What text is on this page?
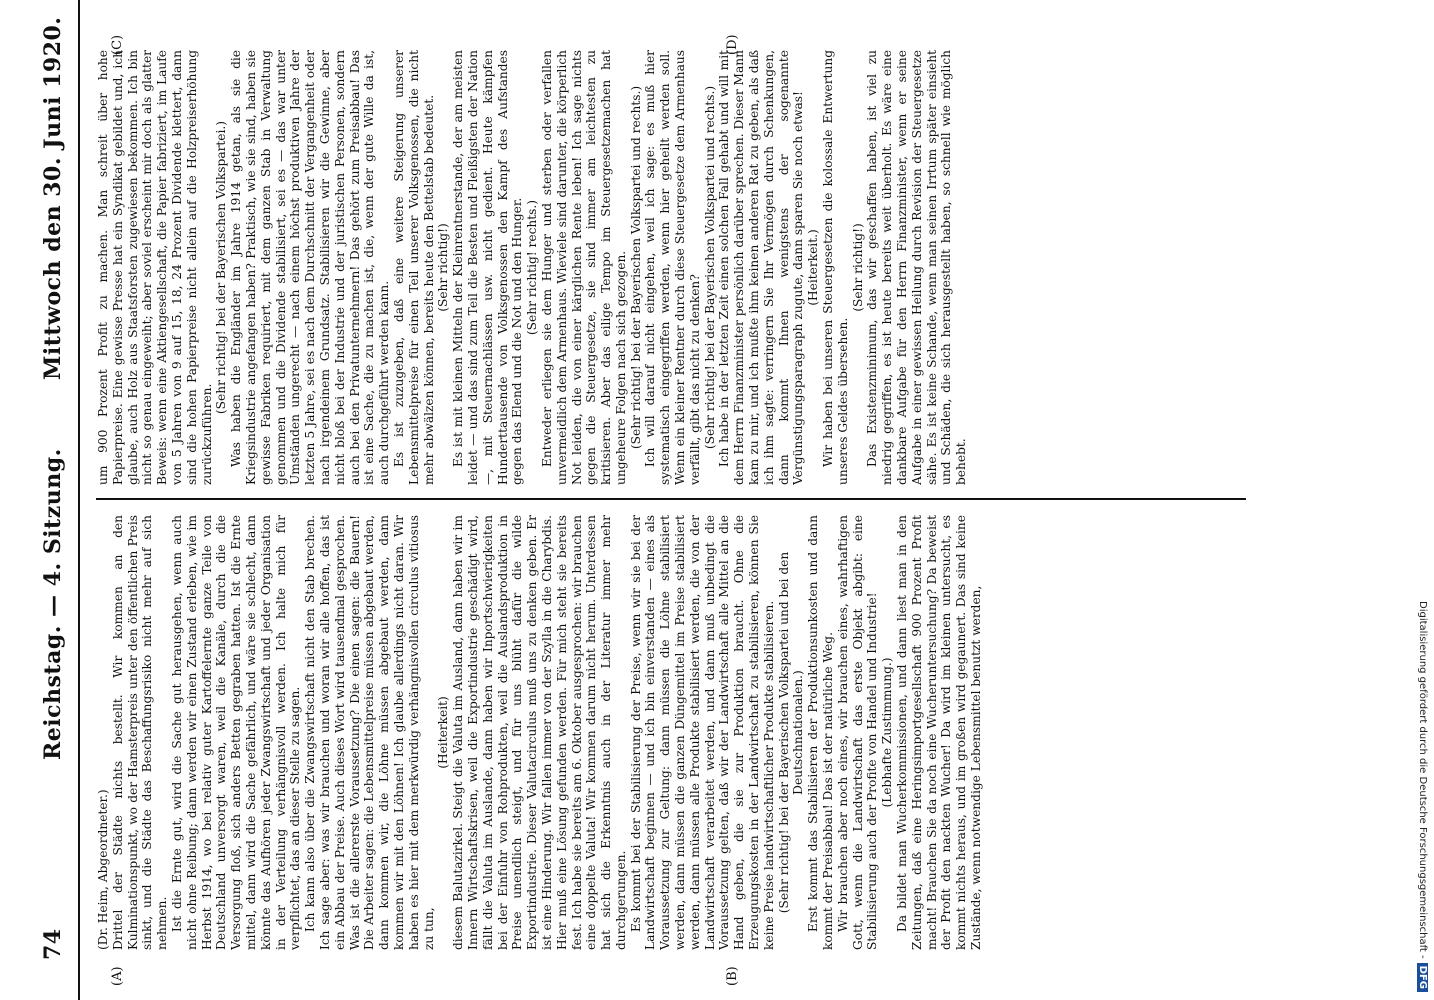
74
Reichstag. — 4. Sitzung.
Mittwoch den 30. Juni 1920.
(A)	(B)
(C)	(D)

(Dr. Heim, Abgeordneter.) Drittel der Städte nichts bestellt. Wir kommen an den Kulminationspunkt, wo der Hamsterpreis unter den öffentlichen Preis sinkt, und die Städte das Beschaffungsrisiko nicht mehr auf sich nehmen. Ist die Ernte gut, wird die Sache gut herausgehen, wenn auch nicht ohne Reibung; dann werden wir einen Zustand erleben, wie im Herbst 1914, wo bei relativ guter Kartoffelernte ganze Teile von Deutschland unversorgt waren, weil die Kanäle, durch die die Versorgung floß, sich anders Betten gegraben hatten. Ist die Ernte mittel, dann wird die Sache gefährlich, und wäre sie schlecht, dann könnte das Aufhören jeder Zwangswirtschaft und jeder Organisation in der Verteilung verhängnisvoll werden. Ich halte mich für verpflichtet, das an dieser Stelle zu sagen. Ich kann also über die Zwangswirtschaft nicht den Stab brechen. Ich sage aber: was wir brauchen und woran wir alle hoffen, das ist ein Abbau der Preise. Auch dieses Wort wird tausendmal gesprochen. Was ist die allererste Voraussetzung? Die einen sagen: die Bauern! Die Arbeiter sagen: die Lebensmittelpreise müssen abgebaut werden, dann kommen wir, die Löhne müssen abgebaut werden, dann kommen wir mit den Löhnen! Ich glaube allerdings nicht daran. Wir haben es hier mit dem merkwürdig verhängnisvollen circulus vitiosus zu tun,

(Heiterkeit) diesem Balutazirkel. Steigt die Valuta im Ausland, dann haben wir im Innern Wirtschaftskrisen, weil die Exportindustrie geschädigt wird, fällt die Valuta im Auslande, dann haben wir Inportschwierigkeiten bei der Einfuhr von Rohprodukten, weil die Auslandsproduktion in Preise unendlich steigt, und für uns blüht dafür die wilde Exportindustrie. Dieser Valutacirculus muß uns zu denken geben. Er ist eine Hinderung. Wir fallen immer von der Szylla in die Charybdis. Hier muß eine Lösung gefunden werden. Für mich steht sie bereits fest. Ich habe sie bereits am 6. Oktober ausgesprochen: wir brauchen eine doppelte Valuta! Wir kommen darum nicht herum. Unterdessen hat sich die Erkenntnis auch in der Literatur immer mehr durchgerungen. Es kommt bei der Stabilisierung der Preise, wenn wir sie bei der Landwirtschaft beginnen — und ich bin einverstanden — eines als Voraussetzung zur Geltung: dann müssen die Löhne stabilisiert werden, dann müssen die ganzen Düngemittel im Preise stabilisiert werden, dann müssen alle Produkte stabilisiert werden, die von der Landwirtschaft verarbeitet werden, und dann muß unbedingt die Voraussetzung gelten, daß wir der Landwirtschaft alle Mittel an die Hand geben, die sie zur Produktion braucht. Ohne die Erzeugungskosten in der Landwirtschaft zu stabilisieren, können Sie keine Preise landwirtschaftlicher Produkte stabilisieren. (Sehr richtig! bei der Bayerischen Volkspartei und bei den Deutschnationalen.) Erst kommt das Stabilisieren der Produktionsunkosten und dann kommt der Preisabbau! Das ist der natürliche Weg. Wir brauchen aber noch eines, wir brauchen eines, wahrhaftigen Gott, wenn die Landwirtschaft das erste Objekt abgibt: eine Stabilisierung auch der Profite von Handel und Industrie! (Lebhafte Zustimmung.) Da bildet man Wucherkommissionen, und dann liest man in den Zeitungen, daß eine Heringsimportgesellschaft 900 Prozent Profit macht! Brauchen Sie da noch eine Wucheruntersuchung? Da beweist der Profit den nackten Wucher! Da wird im kleinen untersucht, es kommt nichts heraus, und im großen wird gegaunert. Das sind keine Zustände, wenn notwendige Lebensmittel benutzt werden,

um 900 Prozent Profit zu machen. Man schreit über hohe Papierpreise. Eine gewisse Presse hat ein Syndikat gebildet und, ich glaube, auch Holz aus Staatsforsten zugewiesen bekommen. Ich bin nicht so genau eingeweiht; aber soviel erscheint mir doch als glatter Beweis: wenn eine Aktiengesellschaft, die Papier fabriziert, im Laufe von 5 Jahren von 9 auf 15, 18, 24 Prozent Dividende klettert, dann sind die hohen Papierpreise nicht allein auf die Holzpreiserhöhung zurückzuführen.

(Sehr richtig! bei der Bayerischen Volkspartei.) Was haben die Engländer im Jahre 1914 getan, als sie die Kriegsindustrie angefangen haben? Praktisch, wie sie sind, haben sie gewisse Fabriken requiriert, mit dem ganzen Stab in Verwaltung genommen und die Dividende stabilisiert, sei es — das war unter Umständen ungerecht — nach einem höchst produktiven Jahre der letzten 5 Jahre, sei es nach dem Durchschnitt der Vergangenheit oder nach irgendeinem Grundsatz. Stabilisieren wir die Gewinne, aber nicht bloß bei der Industrie und der juristischen Personen, sondern auch bei den Privatunternehmern! Das gehört zum Preisabbau! Das ist eine Sache, die zu machen ist, die, wenn der gute Wille da ist, auch durchgeführt werden kann. Es ist zuzugeben, daß eine weitere Steigerung unserer Lebensmittelpreise für einen Teil unserer Volksgenossen, die nicht mehr abwälzen können, bereits heute den Bettelstab bedeutet. (Sehr richtig!) Es ist mit kleinen Mitteln der Kleinrentnerstande, der am meisten leidet — und das sind zum Teil die Besten und Fleißigsten der Nation —, mit Steuernachlässen usw. nicht gedient. Heute kämpfen Hunderttausende von Volksgenossen den Kampf des Aufstandes gegen das Elend und die Not und den Hunger. (Sehr richtig! rechts.) Entweder erliegen sie dem Hunger und sterben oder verfallen unvermeidlich dem Armenhaus. Wieviele sind darunter, die körperlich Not leiden, die von einer kärglichen Rente leben! Ich sage nichts gegen die Steuergesetze, sie sind immer am leichtesten zu kritisieren. Aber das eilige Tempo im Steuergesetzemachen hat ungeheure Folgen nach sich gezogen. (Sehr richtig! bei der Bayerischen Volkspartei und rechts.) Ich will darauf nicht eingehen, weil ich sage: es muß hier systematisch eingegriffen werden, wenn hier geheilt werden soll. Wenn ein kleiner Rentner durch diese Steuergesetze dem Armenhaus verfällt, gibt das nicht zu denken? (Sehr richtig! bei der Bayerischen Volkspartei und rechts.) Ich habe in der letzten Zeit einen solchen Fall gehabt und will mit dem Herrn Finanzminister persönlich darüber sprechen. Dieser Mann kam zu mir, und ich mußte ihm keinen anderen Rat zu geben, als daß ich ihm sagte: verringern Sie Ihr Vermögen durch Schenkungen, dann kommt Ihnen wenigstens der sogenannte Vergünstigungsparagraph zugute, dann sparen Sie noch etwas! (Heiterkeit.) Wir haben bei unseren Steuergesetzen die kolossale Entwertung unseres Geldes übersehen.

(Sehr richtig!) Das Existenzminimum, das wir geschaffen haben, ist viel zu niedrig gegriffen, es ist heute bereits weit überholt. Es wäre eine dankbare Aufgabe für den Herrn Finanzminister, wenn er seine Aufgabe in einer gewissen Heilung durch Revision der Steuergesetze sähe. Es ist keine Schande, wenn man seinen Irrtum später einsieht und Schäden, die sich herausgestellt haben, so schnell wie möglich behebt.

Digitalisierung gefördert durch die Deutsche Forschungsgemeinschaft -DFG
